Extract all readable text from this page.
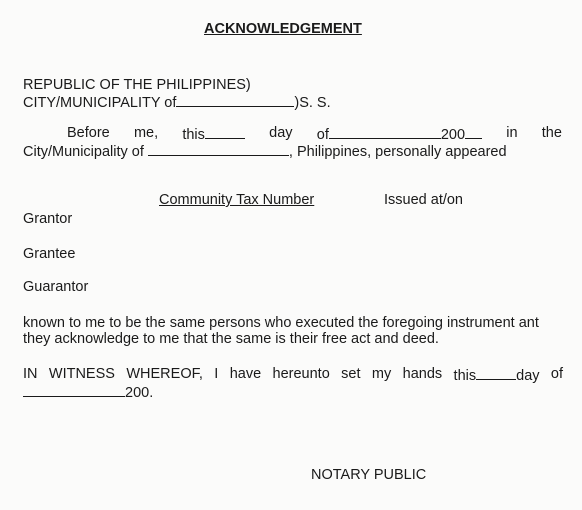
ACKNOWLEDGEMENT
REPUBLIC OF THE PHILIPPINES)
CITY/MUNICIPALITY of	)S. S.
Before me, this	day of	200	in the
City/Municipality of	, Philippines, personally appeared
Community Tax Number	Issued at/on
Grantor
Grantee
Guarantor
known to me to be the same persons who executed the foregoing instrument ant
they acknowledge to me that the same is their free act and deed.
IN WITNESS WHEREOF, I have hereunto set my hands this	day of
200.
NOTARY PUBLIC
